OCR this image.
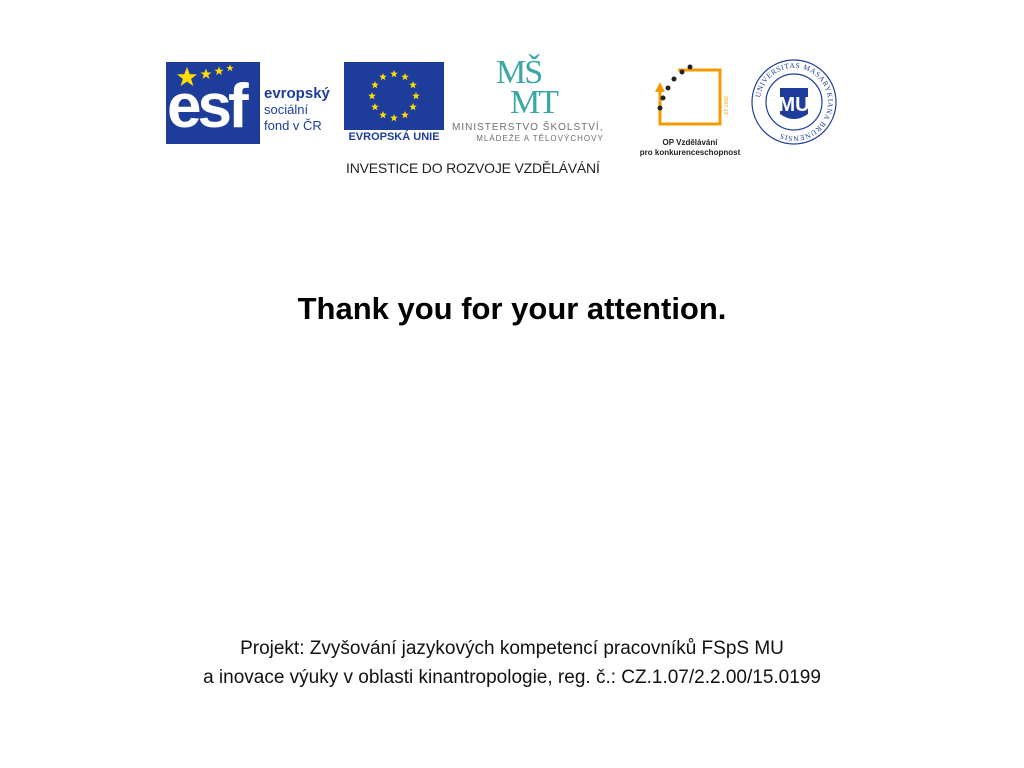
esf evropský
sociální
fond v ČR
EVROPSKÁ UNIE
MŠ
MT
MINISTERSTVO ŠKOLSTVÍ,
MLÁDEŽE A TĚLOVÝCHOVY
2007-13
OP Vzdělávání
pro konkurenceschopnost
UNIVERSITAS MASARYKIANA BRUNENSIS
MU
INVESTICE DO ROZVOJE VZDĚLÁVÁNÍ
Thank you for your attention.
Projekt: Zvyšování jazykových kompetencí pracovníků FSpS MU
a inovace výuky v oblasti kinantropologie, reg. č.: CZ.1.07/2.2.00/15.0199
